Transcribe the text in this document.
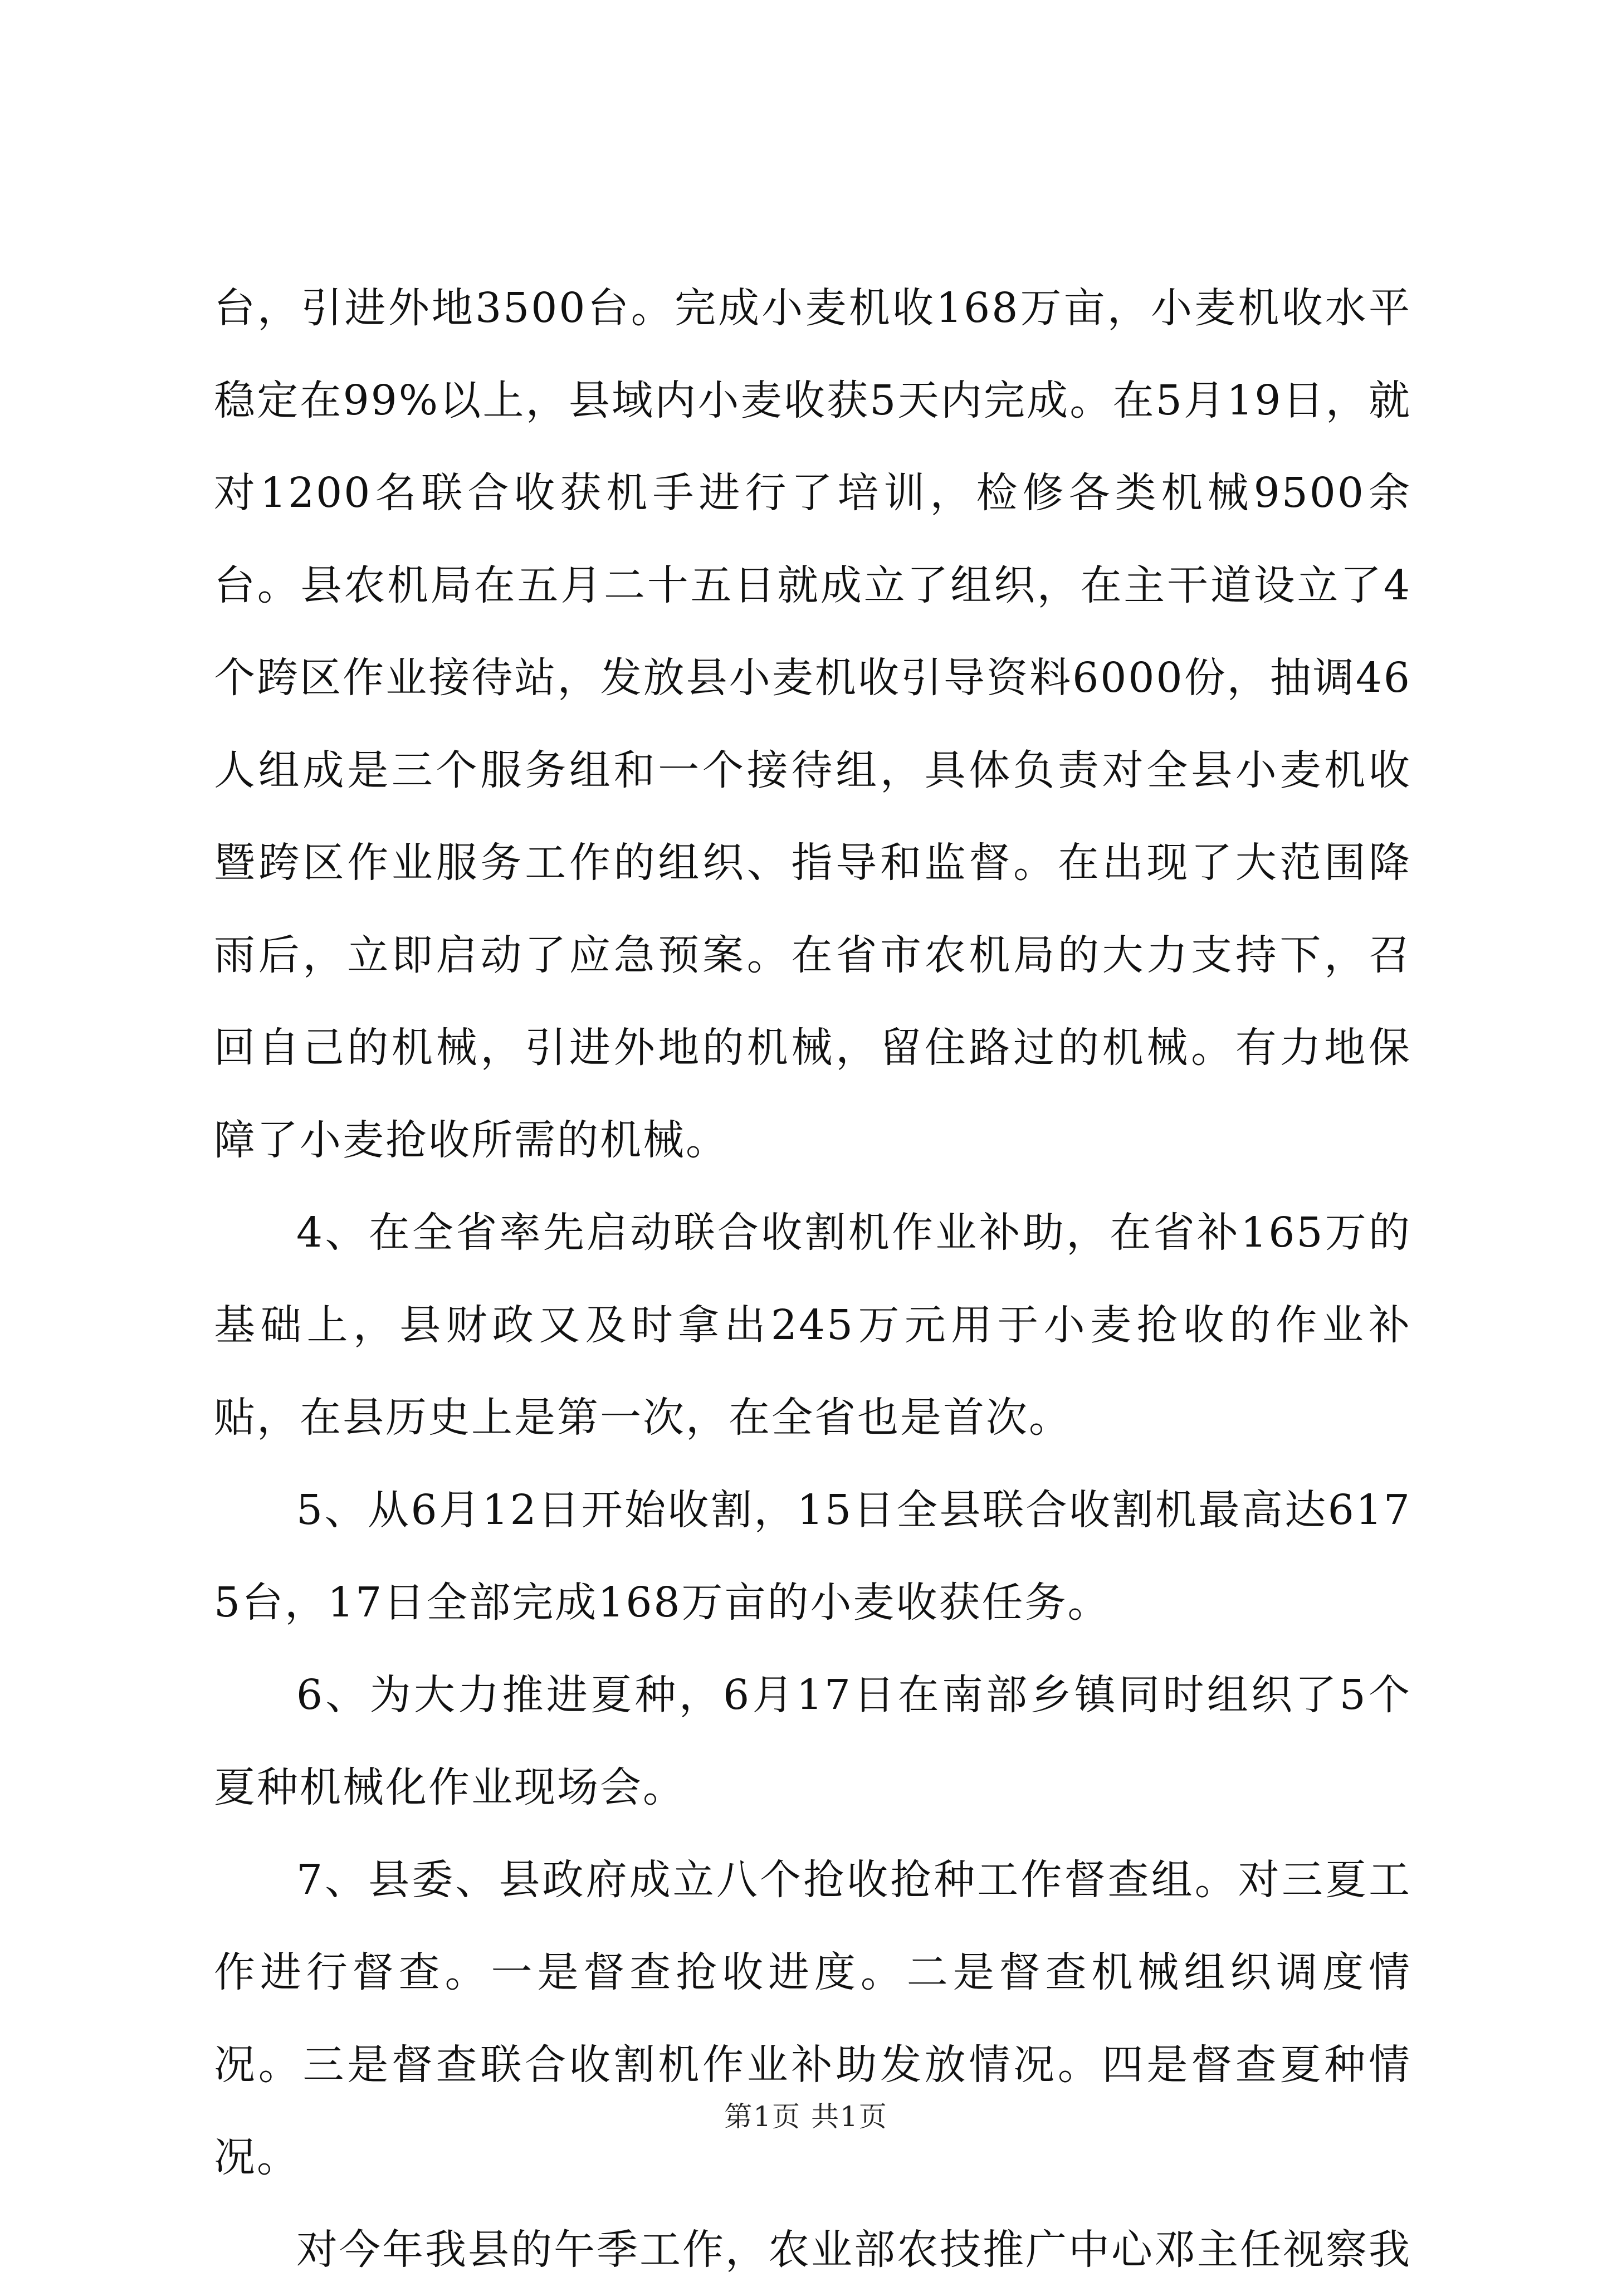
台，引进外地3500台。完成小麦机收168万亩，小麦机收水平稳定在99%以上，县域内小麦收获5天内完成。在5月19日，就对1200名联合收获机手进行了培训，检修各类机械9500余台。县农机局在五月二十五日就成立了组织，在主干道设立了4个跨区作业接待站，发放县小麦机收引导资料6000份，抽调46人组成是三个服务组和一个接待组，具体负责对全县小麦机收暨跨区作业服务工作的组织、指导和监督。在出现了大范围降雨后，立即启动了应急预案。在省市农机局的大力支持下，召回自己的机械，引进外地的机械，留住路过的机械。有力地保障了小麦抢收所需的机械。

4、在全省率先启动联合收割机作业补助，在省补165万的基础上，县财政又及时拿出245万元用于小麦抢收的作业补贴，在县历史上是第一次，在全省也是首次。

5、从6月12日开始收割，15日全县联合收割机最高达6175台，17日全部完成168万亩的小麦收获任务。

6、为大力推进夏种，6月17日在南部乡镇同时组织了5个夏种机械化作业现场会。

7、县委、县政府成立八个抢收抢种工作督查组。对三夏工作进行督查。一是督查抢收进度。二是督查机械组织调度情况。三是督查联合收割机作业补助发放情况。四是督查夏种情况。

对今年我县的午季工作，农业部农技推广中心邓主任视察我

第1页 共1页
